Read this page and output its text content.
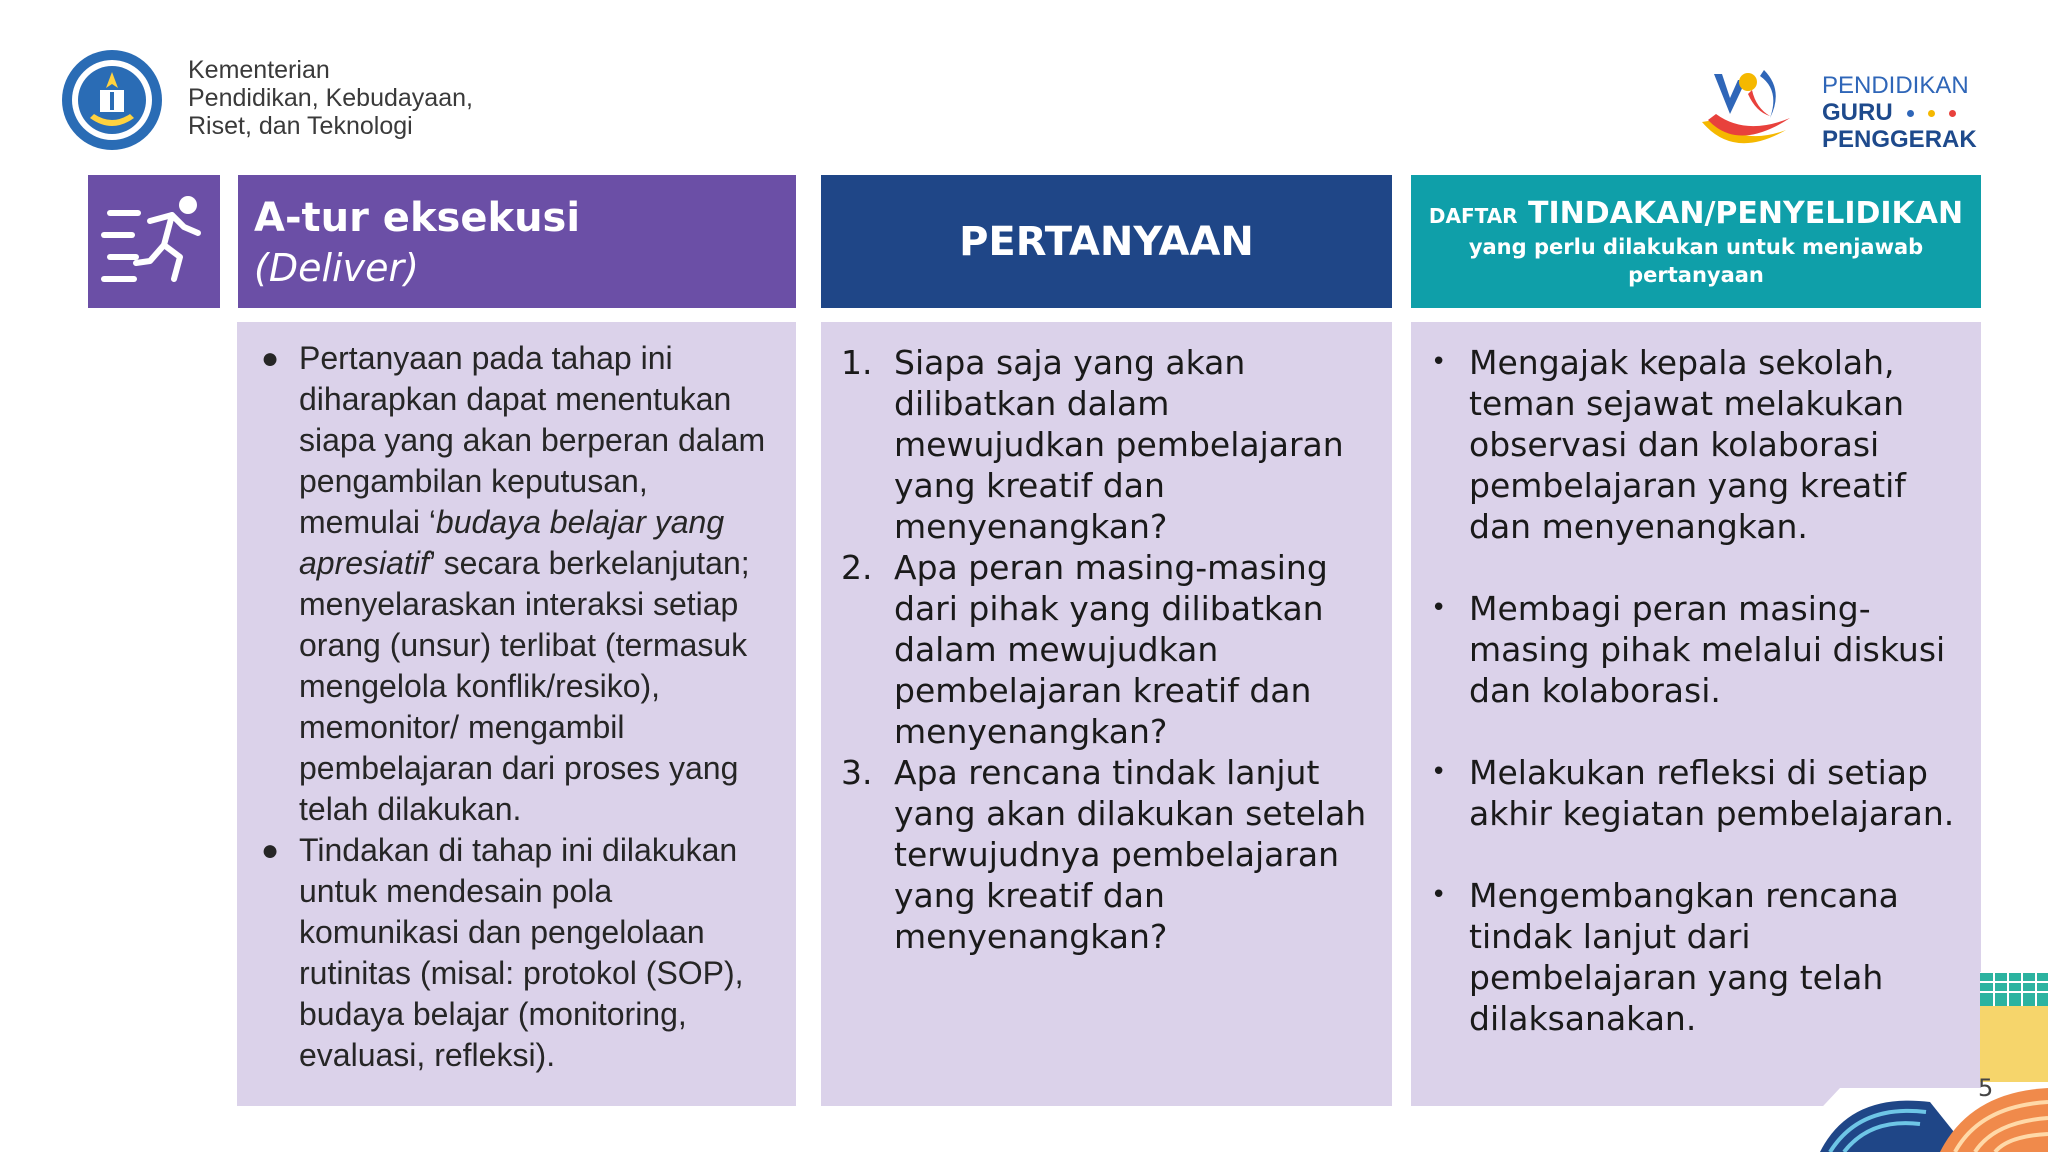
Kementerian
Pendidikan, Kebudayaan,
Riset, dan Teknologi
PENDIDIKAN
GURU
PENGGERAK
A-tur eksekusi
(Deliver)
PERTANYAAN
DAFTAR TINDAKAN/PENYELIDIKAN
yang perlu dilakukan untuk menjawab pertanyaan
● Pertanyaan pada tahap ini diharapkan dapat menentukan siapa yang akan berperan dalam pengambilan keputusan, memulai ‘budaya belajar yang apresiatif’ secara berkelanjutan; menyelaraskan interaksi setiap orang (unsur) terlibat (termasuk mengelola konflik/resiko), memonitor/ mengambil pembelajaran dari proses yang telah dilakukan.
● Tindakan di tahap ini dilakukan untuk mendesain pola komunikasi dan pengelolaan rutinitas (misal: protokol (SOP), budaya belajar (monitoring, evaluasi, refleksi).
1. Siapa saja yang akan dilibatkan dalam mewujudkan pembelajaran yang kreatif dan menyenangkan?
2. Apa peran masing-masing dari pihak yang dilibatkan dalam mewujudkan pembelajaran kreatif dan menyenangkan?
3. Apa rencana tindak lanjut yang akan dilakukan setelah terwujudnya pembelajaran yang kreatif dan menyenangkan?
• Mengajak kepala sekolah, teman sejawat melakukan observasi dan kolaborasi pembelajaran yang kreatif dan menyenangkan.
• Membagi peran masing-masing pihak melalui diskusi dan kolaborasi.
• Melakukan refleksi di setiap akhir kegiatan pembelajaran.
• Mengembangkan rencana tindak lanjut dari pembelajaran yang telah dilaksanakan.
5
